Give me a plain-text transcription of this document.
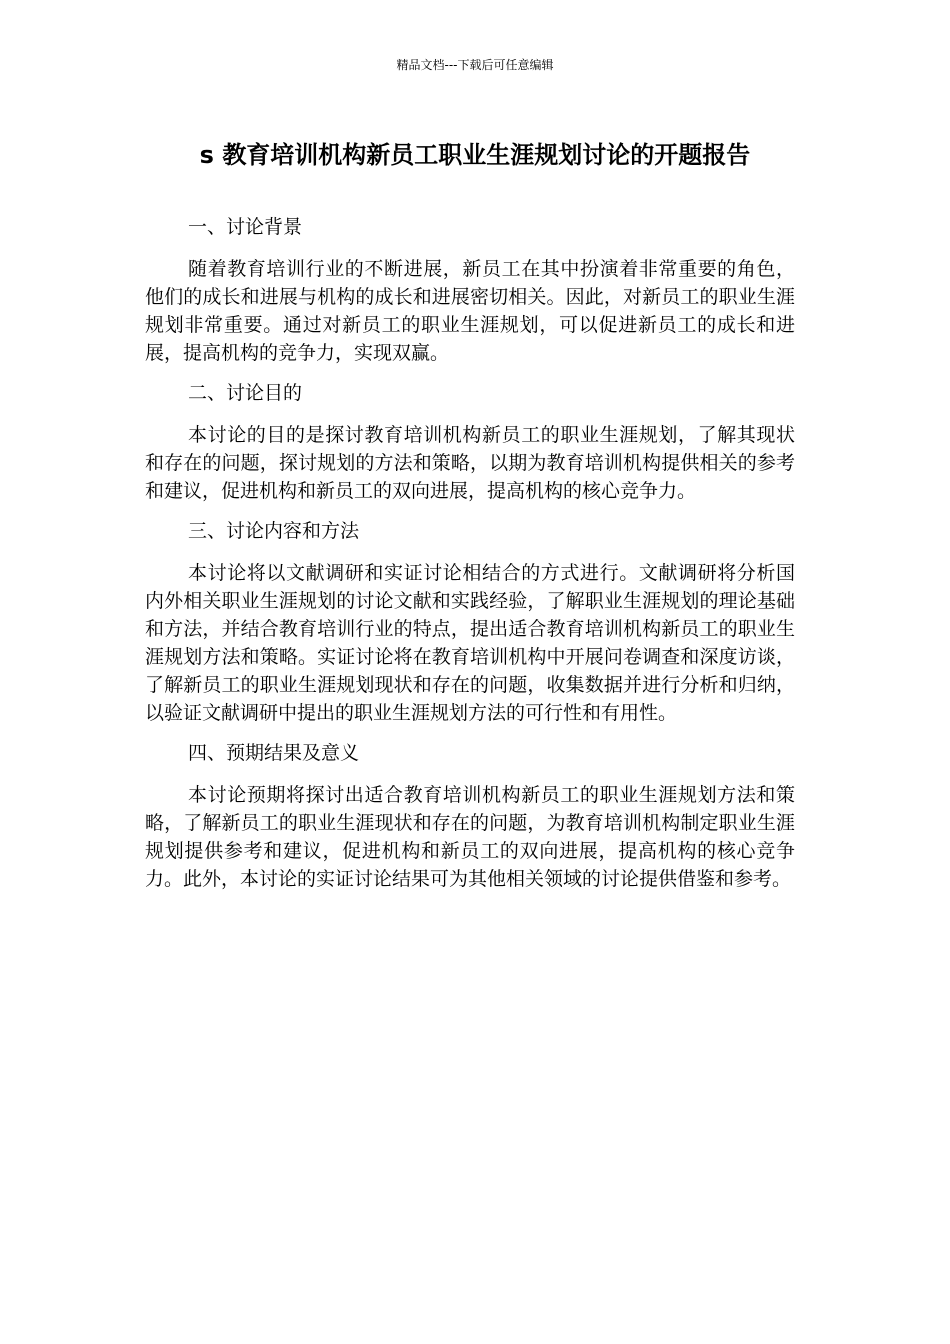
精品文档---下载后可任意编辑
s 教育培训机构新员工职业生涯规划讨论的开题报告

一、讨论背景

随着教育培训行业的不断进展，新员工在其中扮演着非常重要的角色，他们的成长和进展与机构的成长和进展密切相关。因此，对新员工的职业生涯规划非常重要。通过对新员工的职业生涯规划，可以促进新员工的成长和进展，提高机构的竞争力，实现双赢。

二、讨论目的

本讨论的目的是探讨教育培训机构新员工的职业生涯规划，了解其现状和存在的问题，探讨规划的方法和策略，以期为教育培训机构提供相关的参考和建议，促进机构和新员工的双向进展，提高机构的核心竞争力。

三、讨论内容和方法

本讨论将以文献调研和实证讨论相结合的方式进行。文献调研将分析国内外相关职业生涯规划的讨论文献和实践经验，了解职业生涯规划的理论基础和方法，并结合教育培训行业的特点，提出适合教育培训机构新员工的职业生涯规划方法和策略。实证讨论将在教育培训机构中开展问卷调查和深度访谈，了解新员工的职业生涯规划现状和存在的问题，收集数据并进行分析和归纳，以验证文献调研中提出的职业生涯规划方法的可行性和有用性。

四、预期结果及意义

本讨论预期将探讨出适合教育培训机构新员工的职业生涯规划方法和策略，了解新员工的职业生涯现状和存在的问题，为教育培训机构制定职业生涯规划提供参考和建议，促进机构和新员工的双向进展，提高机构的核心竞争力。此外，本讨论的实证讨论结果可为其他相关领域的讨论提供借鉴和参考。
